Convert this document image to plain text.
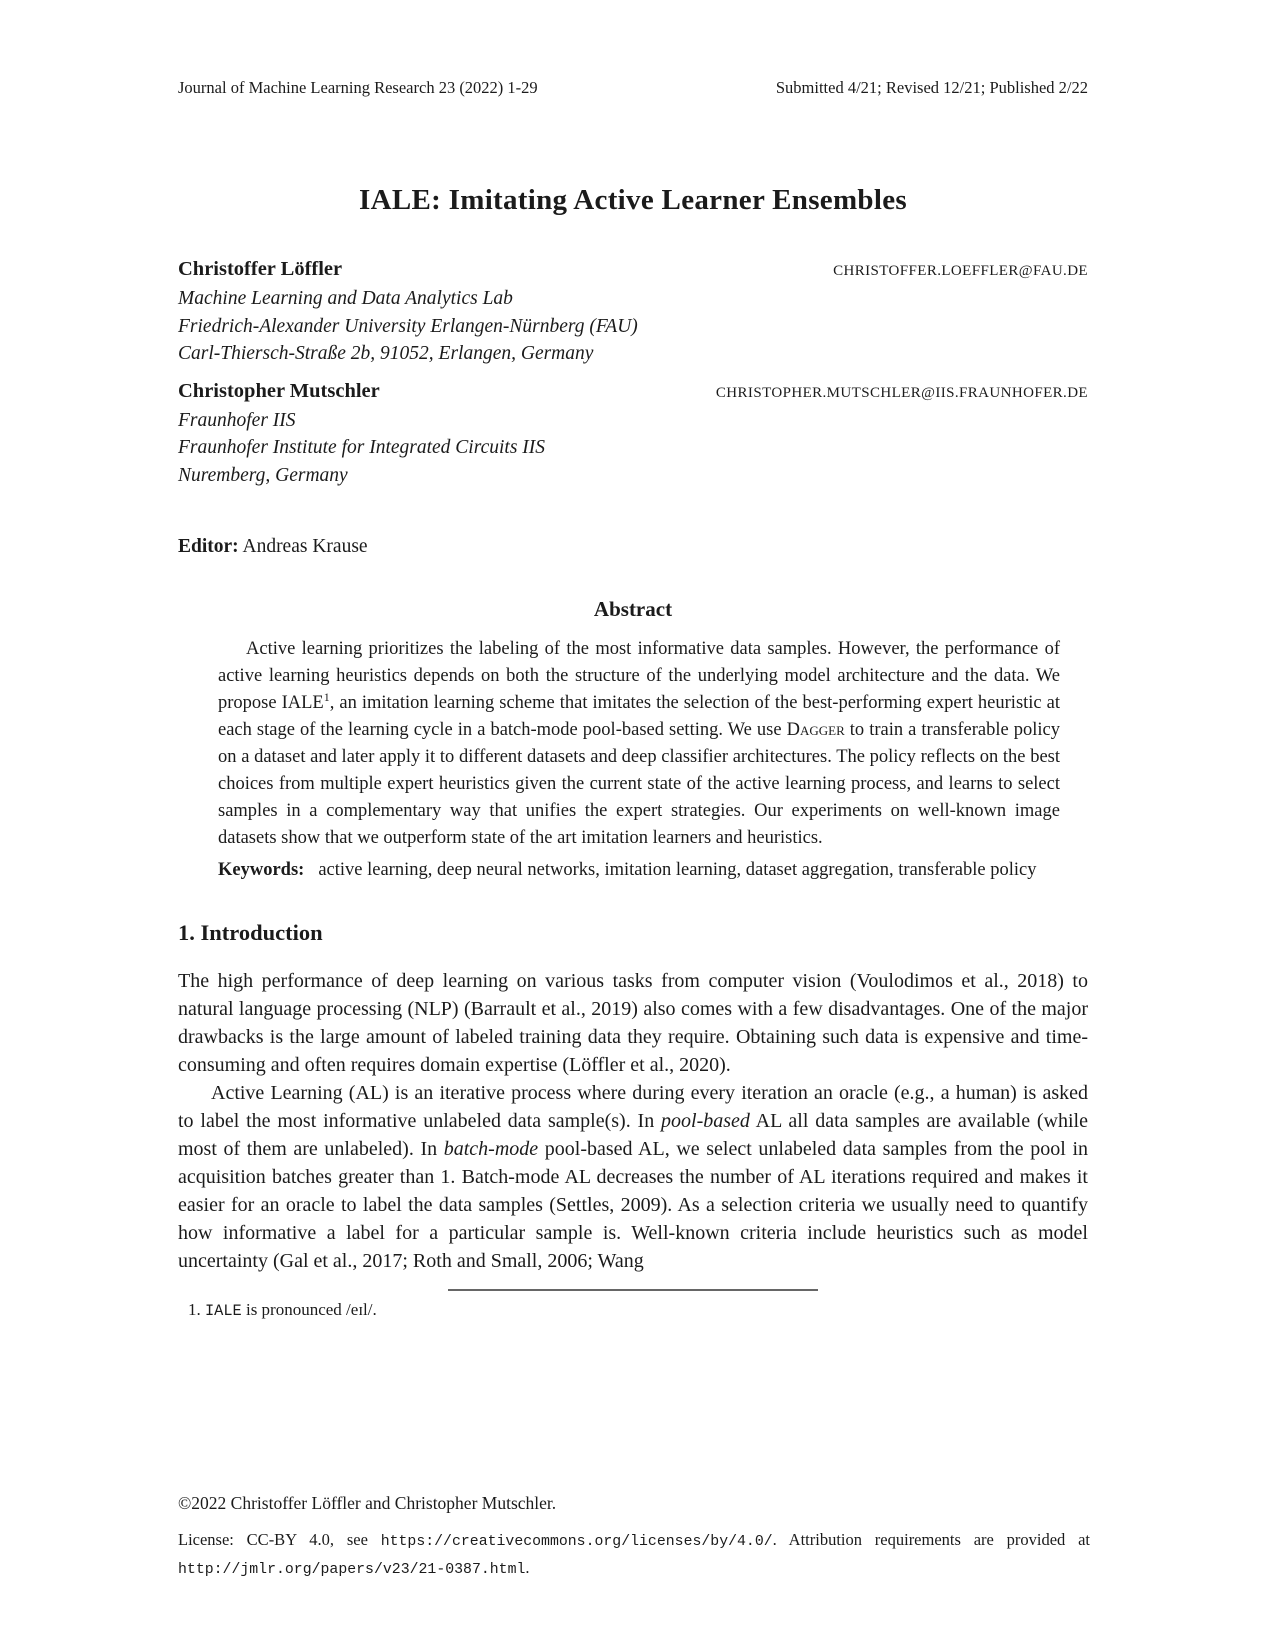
Journal of Machine Learning Research 23 (2022) 1-29	Submitted 4/21; Revised 12/21; Published 2/22
IALE: Imitating Active Learner Ensembles
Christoffer Löffler	CHRISTOFFER.LOEFFLER@FAU.DE
Machine Learning and Data Analytics Lab
Friedrich-Alexander University Erlangen-Nürnberg (FAU)
Carl-Thiersch-Straße 2b, 91052, Erlangen, Germany
Christopher Mutschler	CHRISTOPHER.MUTSCHLER@IIS.FRAUNHOFER.DE
Fraunhofer IIS
Fraunhofer Institute for Integrated Circuits IIS
Nuremberg, Germany
Editor: Andreas Krause
Abstract

Active learning prioritizes the labeling of the most informative data samples. However, the performance of active learning heuristics depends on both the structure of the underlying model architecture and the data. We propose IALE$^1$, an imitation learning scheme that imitates the selection of the best-performing expert heuristic at each stage of the learning cycle in a batch-mode pool-based setting. We use Dagger to train a transferable policy on a dataset and later apply it to different datasets and deep classifier architectures. The policy reflects on the best choices from multiple expert heuristics given the current state of the active learning process, and learns to select samples in a complementary way that unifies the expert strategies. Our experiments on well-known image datasets show that we outperform state of the art imitation learners and heuristics.

Keywords: active learning, deep neural networks, imitation learning, dataset aggregation, transferable policy
1. Introduction

The high performance of deep learning on various tasks from computer vision (Voulodimos et al., 2018) to natural language processing (NLP) (Barrault et al., 2019) also comes with a few disadvantages. One of the major drawbacks is the large amount of labeled training data they require. Obtaining such data is expensive and time-consuming and often requires domain expertise (Löffler et al., 2020).

Active Learning (AL) is an iterative process where during every iteration an oracle (e.g., a human) is asked to label the most informative unlabeled data sample(s). In pool-based AL all data samples are available (while most of them are unlabeled). In batch-mode pool-based AL, we select unlabeled data samples from the pool in acquisition batches greater than 1. Batch-mode AL decreases the number of AL iterations required and makes it easier for an oracle to label the data samples (Settles, 2009). As a selection criteria we usually need to quantify how informative a label for a particular sample is. Well-known criteria include heuristics such as model uncertainty (Gal et al., 2017; Roth and Small, 2006; Wang

1. IALE is pronounced /eɪl/.
©2022 Christoffer Löffler and Christopher Mutschler.
License: CC-BY 4.0, see https://creativecommons.org/licenses/by/4.0/. Attribution requirements are provided at http://jmlr.org/papers/v23/21-0387.html.
